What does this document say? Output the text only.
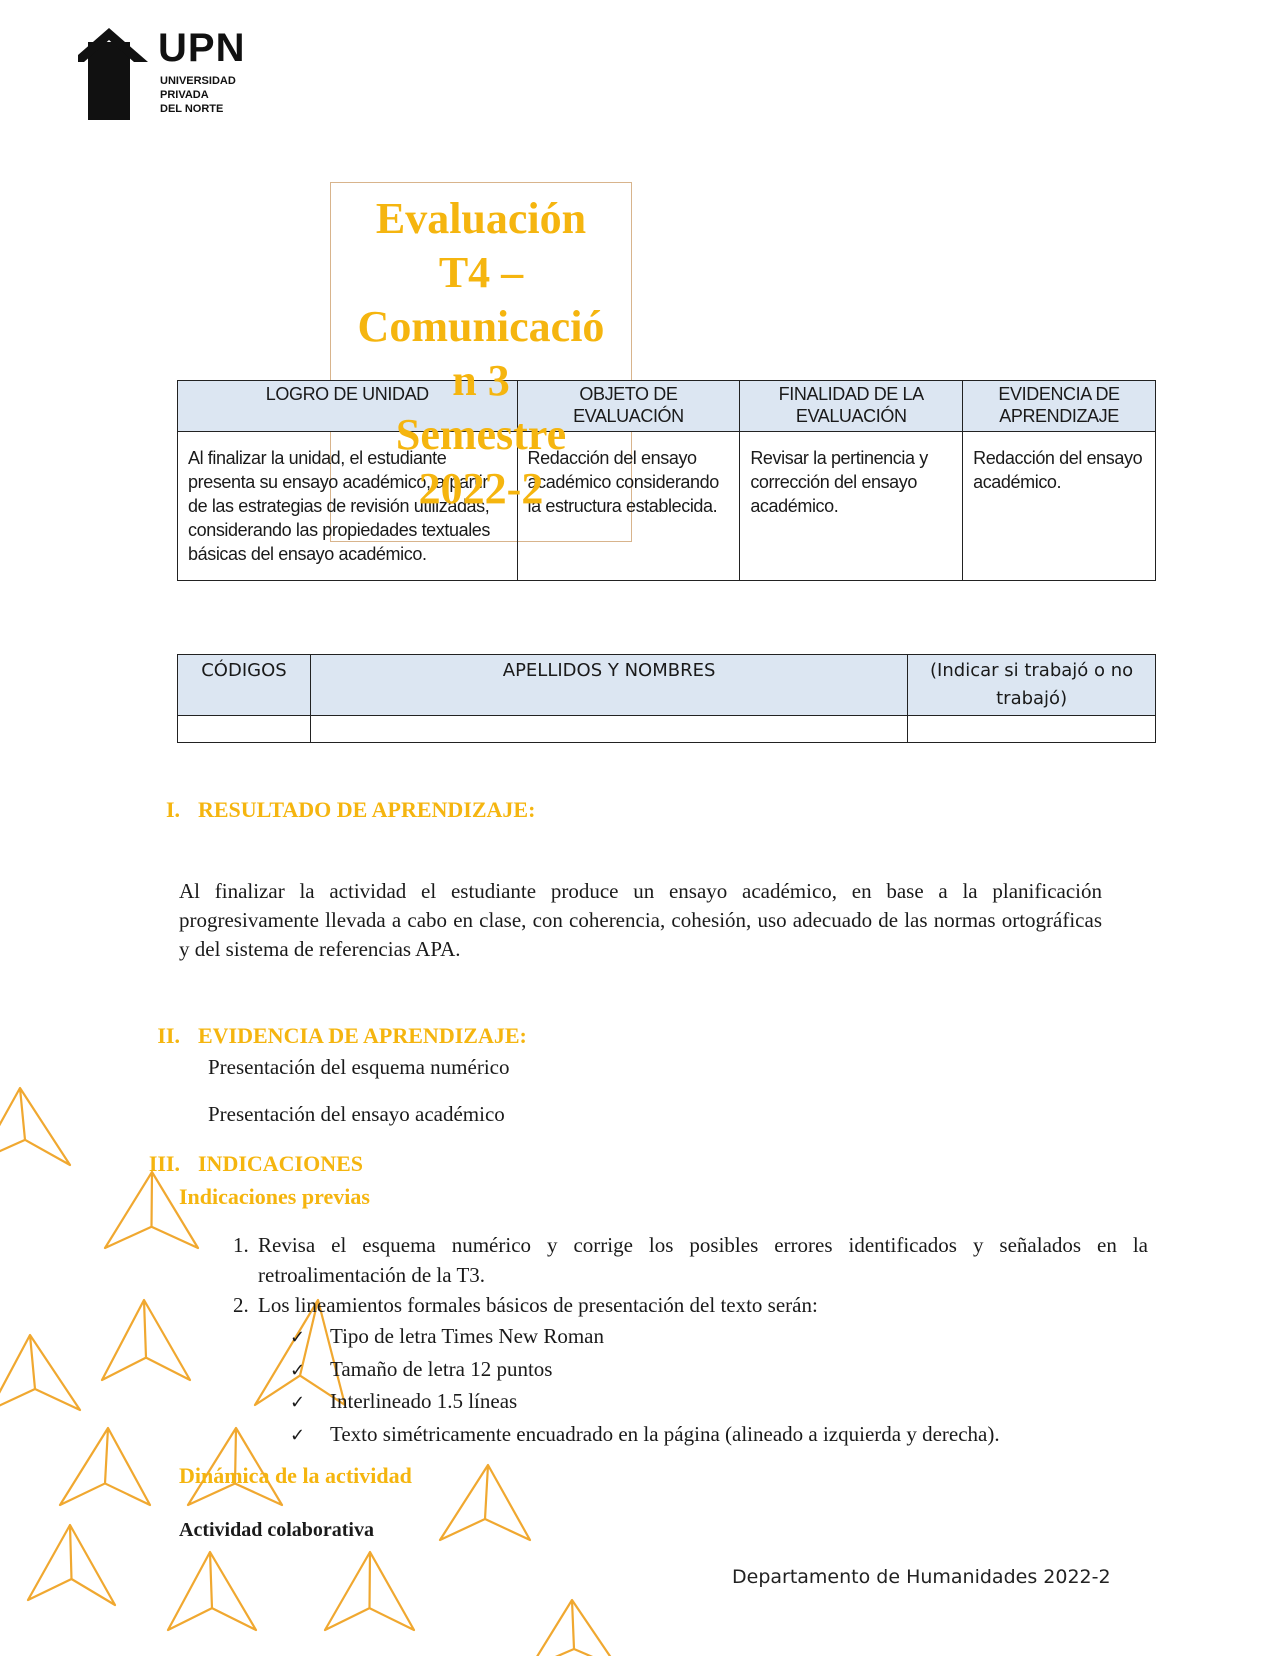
UPN
UNIVERSIDAD
PRIVADA
DEL NORTE
Evaluación
T4 –
Comunicació
n 3
Semestre
2022-2
LOGRO DE UNIDAD	OBJETO DE EVALUACIÓN	FINALIDAD DE LA EVALUACIÓN	EVIDENCIA DE APRENDIZAJE
Al finalizar la unidad, el estudiante presenta su ensayo académico, a partir de las estrategias de revisión utilizadas, considerando las propiedades textuales básicas del ensayo académico.	Redacción del ensayo académico considerando la estructura establecida.	Revisar la pertinencia y corrección del ensayo académico.	Redacción del ensayo académico.
CÓDIGOS	APELLIDOS Y NOMBRES	(Indicar si trabajó o no trabajó)

I. RESULTADO DE APRENDIZAJE:
Al finalizar la actividad el estudiante produce un ensayo académico, en base a la planificación progresivamente llevada a cabo en clase, con coherencia, cohesión, uso adecuado de las normas ortográficas y del sistema de referencias APA.
II. EVIDENCIA DE APRENDIZAJE:
Presentación del esquema numérico
Presentación del ensayo académico
III. INDICACIONES
Indicaciones previas
1. Revisa el esquema numérico y corrige los posibles errores identificados y señalados en la retroalimentación de la T3.
2. Los lineamientos formales básicos de presentación del texto serán:
✓ Tipo de letra Times New Roman
✓ Tamaño de letra 12 puntos
✓ Interlineado 1.5 líneas
✓ Texto simétricamente encuadrado en la página (alineado a izquierda y derecha).
Dinámica de la actividad
Actividad colaborativa
Departamento de Humanidades 2022-2
